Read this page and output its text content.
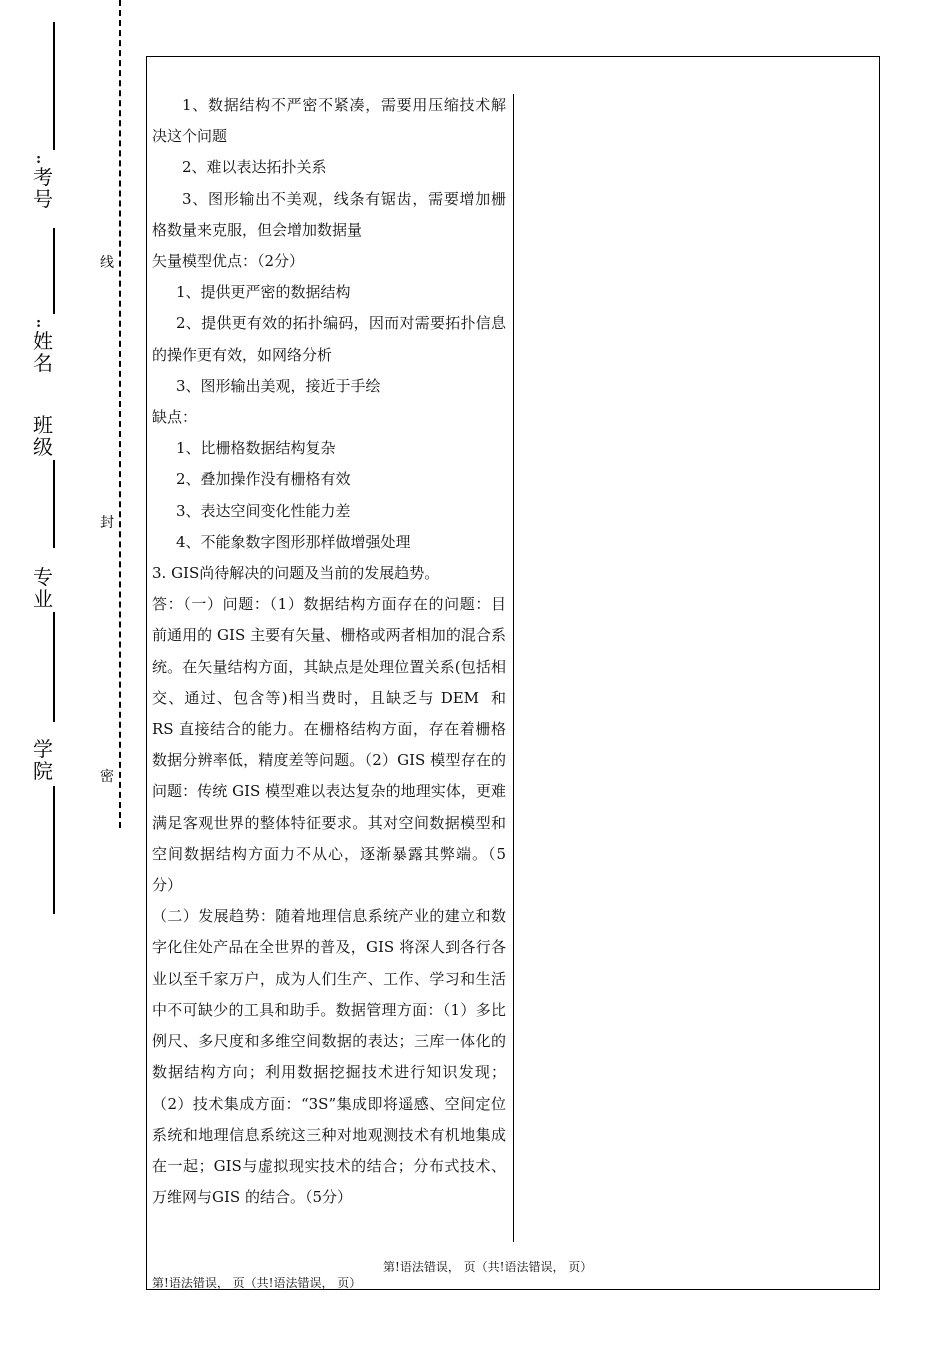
:
:
考号
姓名
班级
专业
学院
线
封
密

1、数据结构不严密不紧凑，需要用压缩技术解决这个问题

2、难以表达拓扑关系

3、图形输出不美观，线条有锯齿，需要增加栅格数量来克服，但会增加数据量

矢量模型优点：（2分）

1、提供更严密的数据结构

2、提供更有效的拓扑编码，因而对需要拓扑信息的操作更有效，如网络分析

3、图形输出美观，接近于手绘

缺点：

1、比栅格数据结构复杂

2、叠加操作没有栅格有效

3、表达空间变化性能力差

4、不能象数字图形那样做增强处理

3. GIS尚待解决的问题及当前的发展趋势。

答：（一）问题：（1）数据结构方面存在的问题：目前通用的 GIS 主要有矢量、栅格或两者相加的混合系统。在矢量结构方面，其缺点是处理位置关系(包括相交、通过、包含等)相当费时，且缺乏与 DEM  和 RS 直接结合的能力。在栅格结构方面，存在着栅格数据分辨率低，精度差等问题。（2）GIS 模型存在的问题：传统 GIS 模型难以表达复杂的地理实体，更难满足客观世界的整体特征要求。其对空间数据模型和空间数据结构方面力不从心，逐渐暴露其弊端。（5分）

（二）发展趋势：随着地理信息系统产业的建立和数字化住处产品在全世界的普及，GIS 将深人到各行各业以至千家万户，成为人们生产、工作、学习和生活中不可缺少的工具和助手。数据管理方面：（1）多比例尺、多尺度和多维空间数据的表达；三库一体化的数据结构方向；利用数据挖掘技术进行知识发现；（2）技术集成方面：“3S”集成即将遥感、空间定位系统和地理信息系统这三种对地观测技术有机地集成在一起；GIS与虚拟现实技术的结合；分布式技术、万维网与GIS 的结合。（5分）

第!语法错误， 页（共!语法错误， 页）
第!语法错误， 页（共!语法错误， 页）
